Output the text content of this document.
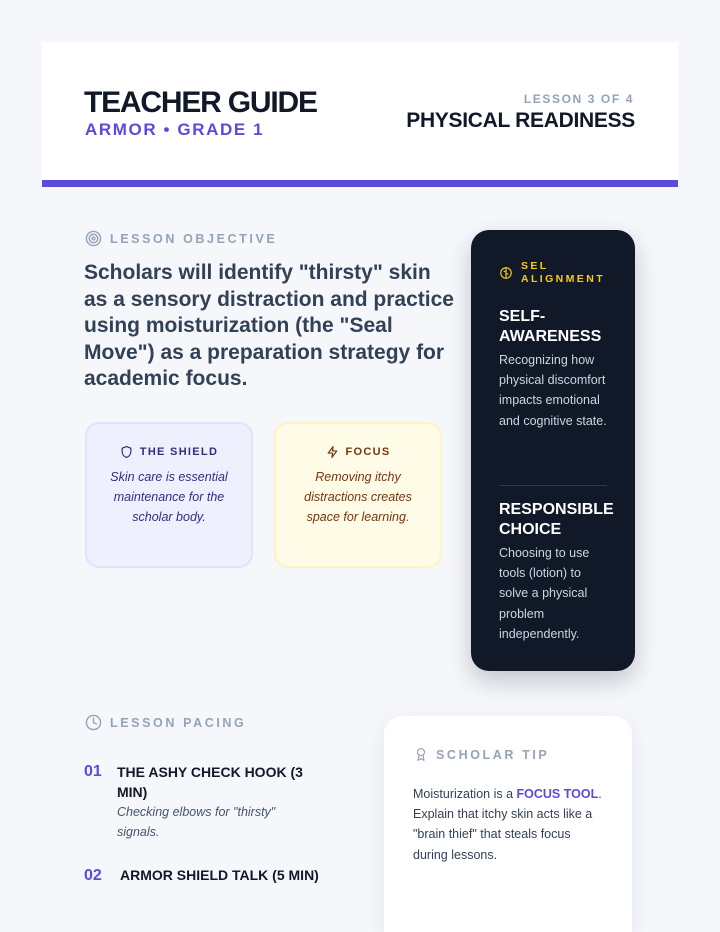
TEACHER GUIDE
ARMOR • GRADE 1
LESSON 3 OF 4
PHYSICAL READINESS
LESSON OBJECTIVE
Scholars will identify "thirsty" skin as a sensory distraction and practice using moisturization (the "Seal Move") as a preparation strategy for academic focus.
THE SHIELD
Skin care is essential maintenance for the scholar body.
FOCUS
Removing itchy distractions creates space for learning.
SEL
ALIGNMENT
SELF-AWARENESS
Recognizing how physical discomfort impacts emotional and cognitive state.
RESPONSIBLE CHOICE
Choosing to use tools (lotion) to solve a physical problem independently.
LESSON PACING
01 THE ASHY CHECK HOOK (3 MIN)
Checking elbows for "thirsty" signals.
02 ARMOR SHIELD TALK (5 MIN)
SCHOLAR TIP
Moisturization is a FOCUS TOOL. Explain that itchy skin acts like a "brain thief" that steals focus during lessons.
